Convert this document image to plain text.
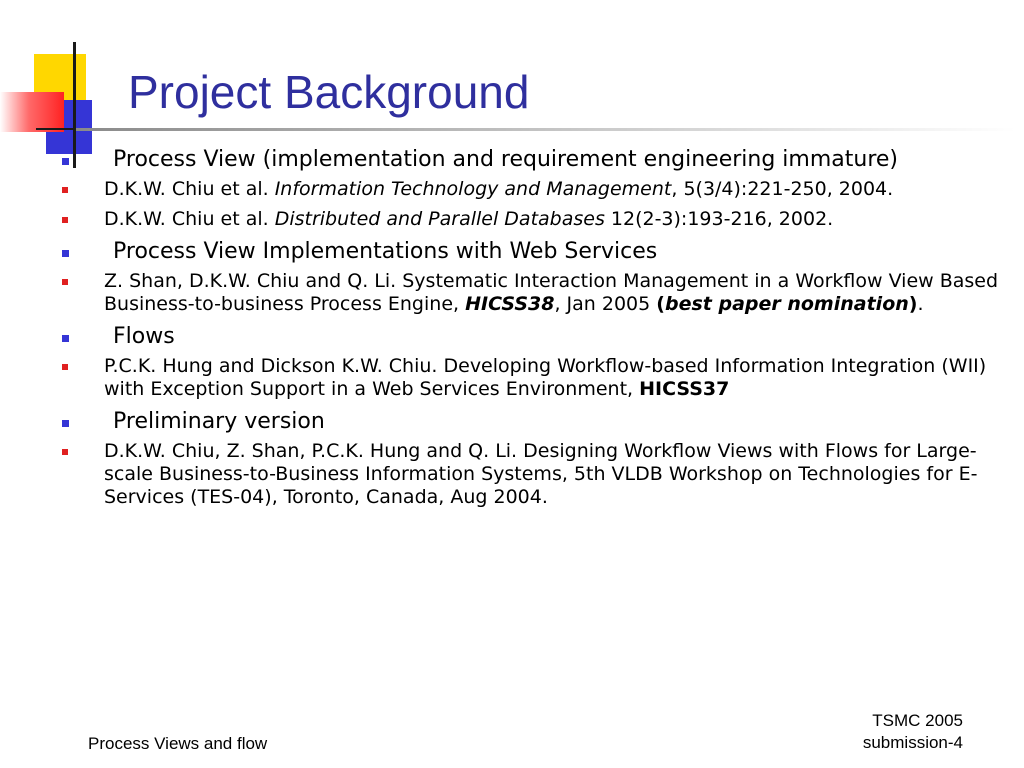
Project Background
Process View (implementation and requirement engineering immature)
D.K.W. Chiu et al. Information Technology and Management, 5(3/4):221-250, 2004.
D.K.W. Chiu et al. Distributed and Parallel Databases 12(2-3):193-216, 2002.
Process View Implementations with Web Services
Z. Shan, D.K.W. Chiu and Q. Li. Systematic Interaction Management in a Workflow View Based Business-to-business Process Engine, HICSS38, Jan 2005 (best paper nomination).
Flows
P.C.K. Hung and Dickson K.W. Chiu. Developing Workflow-based Information Integration (WII) with Exception Support in a Web Services Environment, HICSS37
Preliminary version
D.K.W. Chiu, Z. Shan, P.C.K. Hung and Q. Li. Designing Workflow Views with Flows for Large-scale Business-to-Business Information Systems, 5th VLDB Workshop on Technologies for E-Services (TES-04), Toronto, Canada, Aug 2004.
Process Views and flow
TSMC 2005
submission-4
